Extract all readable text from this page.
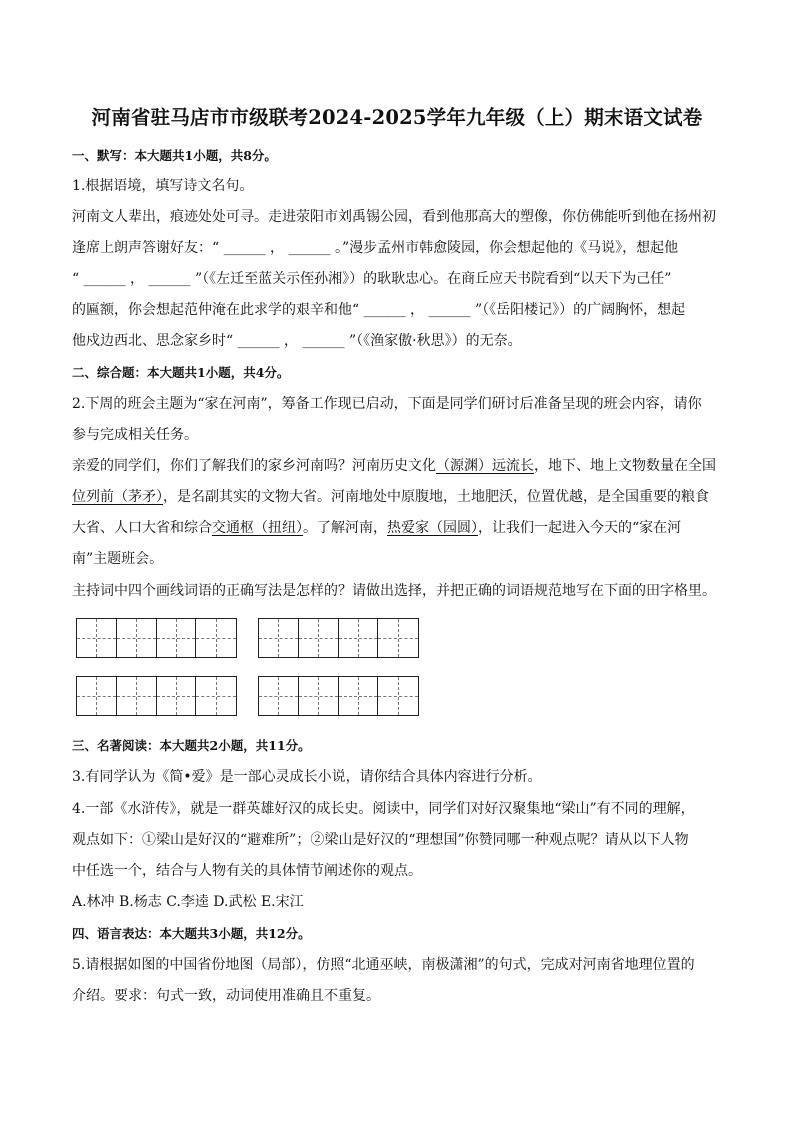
河南省驻马店市市级联考2024-2025学年九年级（上）期末语文试卷
一、默写：本大题共1小题，共8分。
1.根据语境，填写诗文名句。
河南文人辈出，痕迹处处可寻。走进荥阳市刘禹锡公园，看到他那高大的塑像，你仿佛能听到他在扬州初
逢席上朗声答谢好友：“ ______ ， ______ 。”漫步孟州市韩愈陵园，你会想起他的《马说》，想起他
“ ______ ， ______ ”（《左迁至蓝关示侄孙湘》）的耿耿忠心。在商丘应天书院看到“以天下为己任”
的匾额，你会想起范仲淹在此求学的艰辛和他“ ______ ， ______ ”（《岳阳楼记》）的广阔胸怀，想起
他戍边西北、思念家乡时“ ______ ， ______ ”（《渔家傲·秋思》）的无奈。
二、综合题：本大题共1小题，共4分。
2.下周的班会主题为“家在河南”，筹备工作现已启动，下面是同学们研讨后准备呈现的班会内容，请你
参与完成相关任务。
亲爱的同学们，你们了解我们的家乡河南吗？河南历史文化（源渊）远流长，地下、地上文物数量在全国
位列前（茅矛），是名副其实的文物大省。河南地处中原腹地，土地肥沃，位置优越，是全国重要的粮食
大省、人口大省和综合交通枢（扭纽）。了解河南，热爱家（园圆），让我们一起进入今天的“家在河
南”主题班会。
主持词中四个画线词语的正确写法是怎样的？请做出选择，并把正确的词语规范地写在下面的田字格里。
三、名著阅读：本大题共2小题，共11分。
3.有同学认为《简•爱》是一部心灵成长小说，请你结合具体内容进行分析。
4.一部《水浒传》，就是一群英雄好汉的成长史。阅读中，同学们对好汉聚集地“梁山”有不同的理解，
观点如下：①梁山是好汉的“避难所”；②梁山是好汉的“理想国”你赞同哪一种观点呢？请从以下人物
中任选一个，结合与人物有关的具体情节阐述你的观点。
A.林冲 B.杨志 C.李逵 D.武松 E.宋江
四、语言表达：本大题共3小题，共12分。
5.请根据如图的中国省份地图（局部），仿照“北通巫峡，南极潇湘”的句式，完成对河南省地理位置的
介绍。要求：句式一致，动词使用准确且不重复。
